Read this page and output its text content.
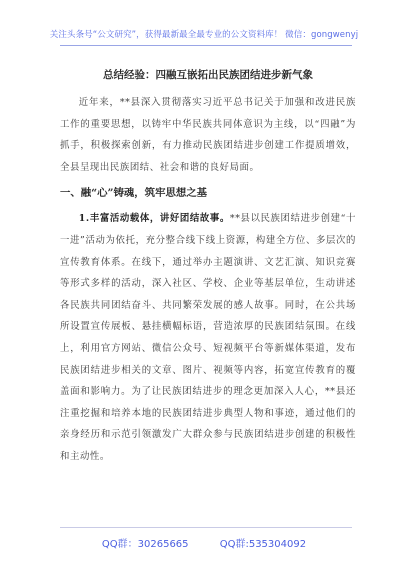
关注头条号“公文研究”，获得最新最全最专业的公文资料库！ 微信：gongwenyj
总结经验：四融互嵌拓出民族团结进步新气象

近年来，**县深入贯彻落实习近平总书记关于加强和改进民族工作的重要思想，以铸牢中华民族共同体意识为主线，以“四融”为抓手，积极探索创新，有力推动民族团结进步创建工作提质增效，全县呈现出民族团结、社会和谐的良好局面。

一、融“心”铸魂，筑牢思想之基

1.丰富活动载体，讲好团结故事。**县以民族团结进步创建“十一进”活动为依托，充分整合线下线上资源，构建全方位、多层次的宣传教育体系。在线下，通过举办主题演讲、文艺汇演、知识竞赛等形式多样的活动，深入社区、学校、企业等基层单位，生动讲述各民族共同团结奋斗、共同繁荣发展的感人故事。同时，在公共场所设置宣传展板、悬挂横幅标语，营造浓厚的民族团结氛围。在线上，利用官方网站、微信公众号、短视频平台等新媒体渠道，发布民族团结进步相关的文章、图片、视频等内容，拓宽宣传教育的覆盖面和影响力。为了让民族团结进步的理念更加深入人心，**县还注重挖掘和培养本地的民族团结进步典型人物和事迹，通过他们的亲身经历和示范引领激发广大群众参与民族团结进步创建的积极性和主动性。

QQ群：30265665	QQ群:535304092
